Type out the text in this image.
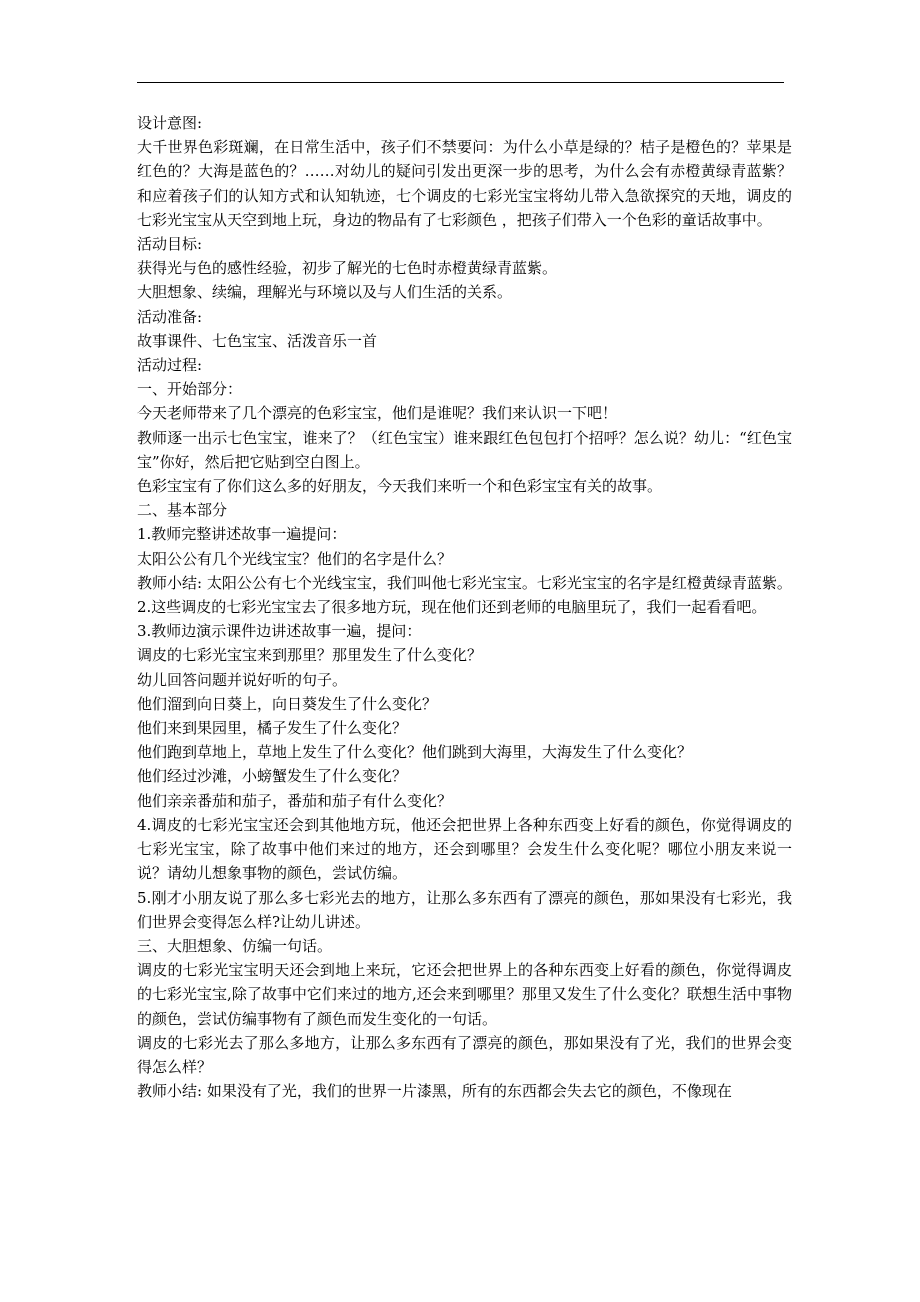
设计意图:

大千世界色彩斑斓，在日常生活中，孩子们不禁要问：为什么小草是绿的？桔子是橙色的？苹果是红色的？大海是蓝色的？……对幼儿的疑问引发出更深一步的思考，为什么会有赤橙黄绿青蓝紫？和应着孩子们的认知方式和认知轨迹，七个调皮的七彩光宝宝将幼儿带入急欲探究的天地，调皮的七彩光宝宝从天空到地上玩，身边的物品有了七彩颜色 ，把孩子们带入一个色彩的童话故事中。

活动目标:

获得光与色的感性经验，初步了解光的七色时赤橙黄绿青蓝紫。

大胆想象、续编，理解光与环境以及与人们生活的关系。

活动准备:

故事课件、七色宝宝、活泼音乐一首

活动过程:

一、开始部分：

今天老师带来了几个漂亮的色彩宝宝，他们是谁呢？我们来认识一下吧！

教师逐一出示七色宝宝，谁来了？（红色宝宝）谁来跟红色包包打个招呼？怎么说？幼儿：“红色宝宝”你好，然后把它贴到空白图上。

色彩宝宝有了你们这么多的好朋友，今天我们来听一个和色彩宝宝有关的故事。

二、基本部分

1.教师完整讲述故事一遍提问：

太阳公公有几个光线宝宝？他们的名字是什么？

教师小结: 太阳公公有七个光线宝宝，我们叫他七彩光宝宝。七彩光宝宝的名字是红橙黄绿青蓝紫。

2.这些调皮的七彩光宝宝去了很多地方玩，现在他们还到老师的电脑里玩了，我们一起看看吧。

3.教师边演示课件边讲述故事一遍，提问：

调皮的七彩光宝宝来到那里？那里发生了什么变化？

幼儿回答问题并说好听的句子。

他们溜到向日葵上，向日葵发生了什么变化？

他们来到果园里，橘子发生了什么变化？

他们跑到草地上，草地上发生了什么变化？他们跳到大海里，大海发生了什么变化？

他们经过沙滩，小螃蟹发生了什么变化？

他们亲亲番茄和茄子，番茄和茄子有什么变化？

4.调皮的七彩光宝宝还会到其他地方玩，他还会把世界上各种东西变上好看的颜色，你觉得调皮的七彩光宝宝，除了故事中他们来过的地方，还会到哪里？会发生什么变化呢？哪位小朋友来说一说？请幼儿想象事物的颜色，尝试仿编。

5.刚才小朋友说了那么多七彩光去的地方，让那么多东西有了漂亮的颜色，那如果没有七彩光，我们世界会变得怎么样?让幼儿讲述。

三、大胆想象、仿编一句话。

调皮的七彩光宝宝明天还会到地上来玩，它还会把世界上的各种东西变上好看的颜色，你觉得调皮的七彩光宝宝,除了故事中它们来过的地方,还会来到哪里？那里又发生了什么变化？联想生活中事物的颜色，尝试仿编事物有了颜色而发生变化的一句话。

调皮的七彩光去了那么多地方，让那么多东西有了漂亮的颜色，那如果没有了光，我们的世界会变得怎么样？

教师小结: 如果没有了光，我们的世界一片漆黑，所有的东西都会失去它的颜色，不像现在
